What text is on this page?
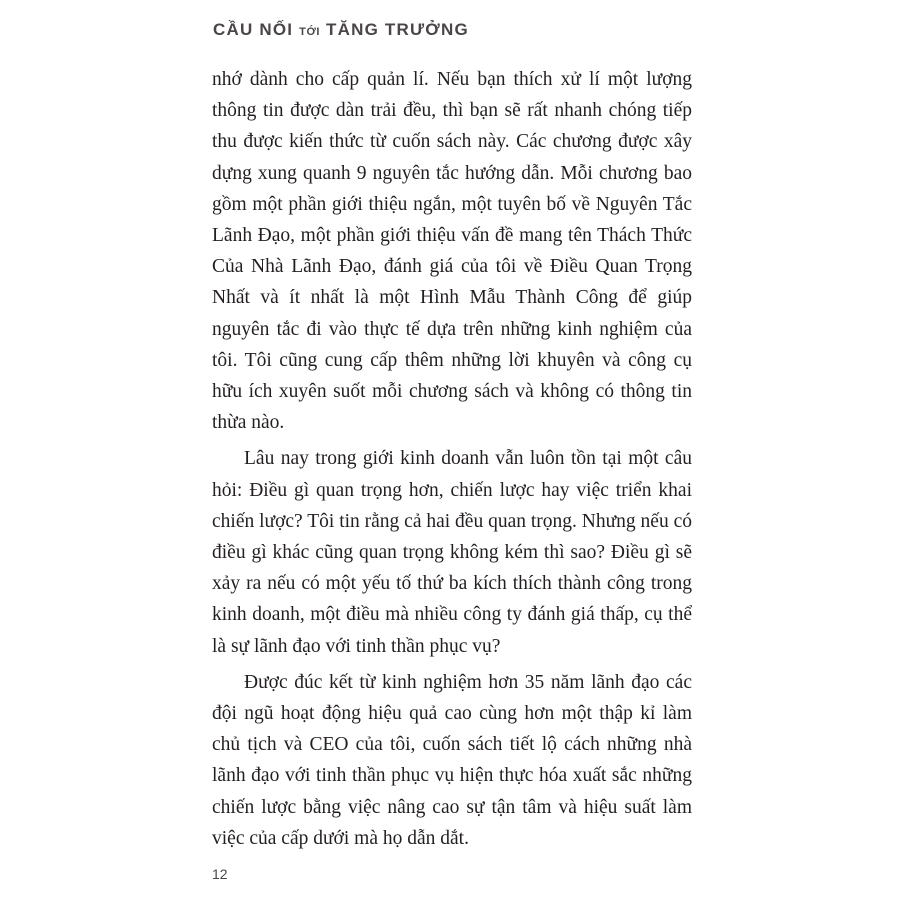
CẦU NỐI TỚI TĂNG TRƯỞNG

nhớ dành cho cấp quản lí. Nếu bạn thích xử lí một lượng thông tin được dàn trải đều, thì bạn sẽ rất nhanh chóng tiếp thu được kiến thức từ cuốn sách này. Các chương được xây dựng xung quanh 9 nguyên tắc hướng dẫn. Mỗi chương bao gồm một phần giới thiệu ngắn, một tuyên bố về Nguyên Tắc Lãnh Đạo, một phần giới thiệu vấn đề mang tên Thách Thức Của Nhà Lãnh Đạo, đánh giá của tôi về Điều Quan Trọng Nhất và ít nhất là một Hình Mẫu Thành Công để giúp nguyên tắc đi vào thực tế dựa trên những kinh nghiệm của tôi. Tôi cũng cung cấp thêm những lời khuyên và công cụ hữu ích xuyên suốt mỗi chương sách và không có thông tin thừa nào.

Lâu nay trong giới kinh doanh vẫn luôn tồn tại một câu hỏi: Điều gì quan trọng hơn, chiến lược hay việc triển khai chiến lược? Tôi tin rằng cả hai đều quan trọng. Nhưng nếu có điều gì khác cũng quan trọng không kém thì sao? Điều gì sẽ xảy ra nếu có một yếu tố thứ ba kích thích thành công trong kinh doanh, một điều mà nhiều công ty đánh giá thấp, cụ thể là sự lãnh đạo với tinh thần phục vụ?

Được đúc kết từ kinh nghiệm hơn 35 năm lãnh đạo các đội ngũ hoạt động hiệu quả cao cùng hơn một thập kỉ làm chủ tịch và CEO của tôi, cuốn sách tiết lộ cách những nhà lãnh đạo với tinh thần phục vụ hiện thực hóa xuất sắc những chiến lược bằng việc nâng cao sự tận tâm và hiệu suất làm việc của cấp dưới mà họ dẫn dắt.

12
